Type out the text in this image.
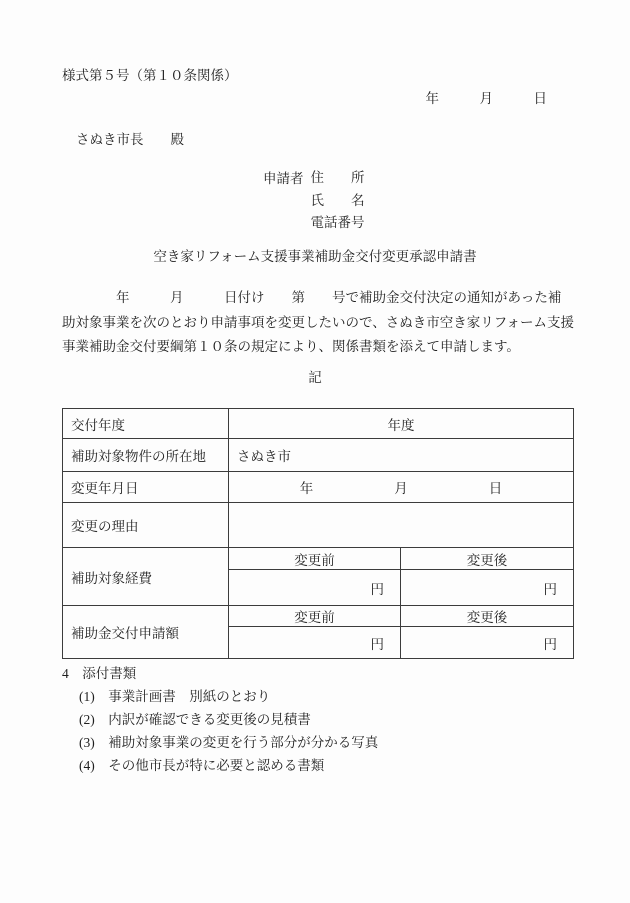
様式第５号（第１０条関係）
年　　　月　　　日
さぬき市長　　殿
申請者 住　　所
氏　　名
電話番号
空き家リフォーム支援事業補助金交付変更承認申請書
　　　　年　　　月　　　日付け　　第　　号で補助金交付決定の通知があった補
助対象事業を次のとおり申請事項を変更したいので、さぬき市空き家リフォーム支援
事業補助金交付要綱第１０条の規定により、関係書類を添えて申請します。
記
交付年度	年度	
補助対象物件の所在地	さぬき市	
変更年月日	年　　　　　　月　　　　　　日	
変更の理由		
補助対象経費	変更前	変更後
	円	円
補助金交付申請額	変更前	変更後
	円	円
4　添付書類
(1)　事業計画書　別紙のとおり
(2)　内訳が確認できる変更後の見積書
(3)　補助対象事業の変更を行う部分が分かる写真
(4)　その他市長が特に必要と認める書類
